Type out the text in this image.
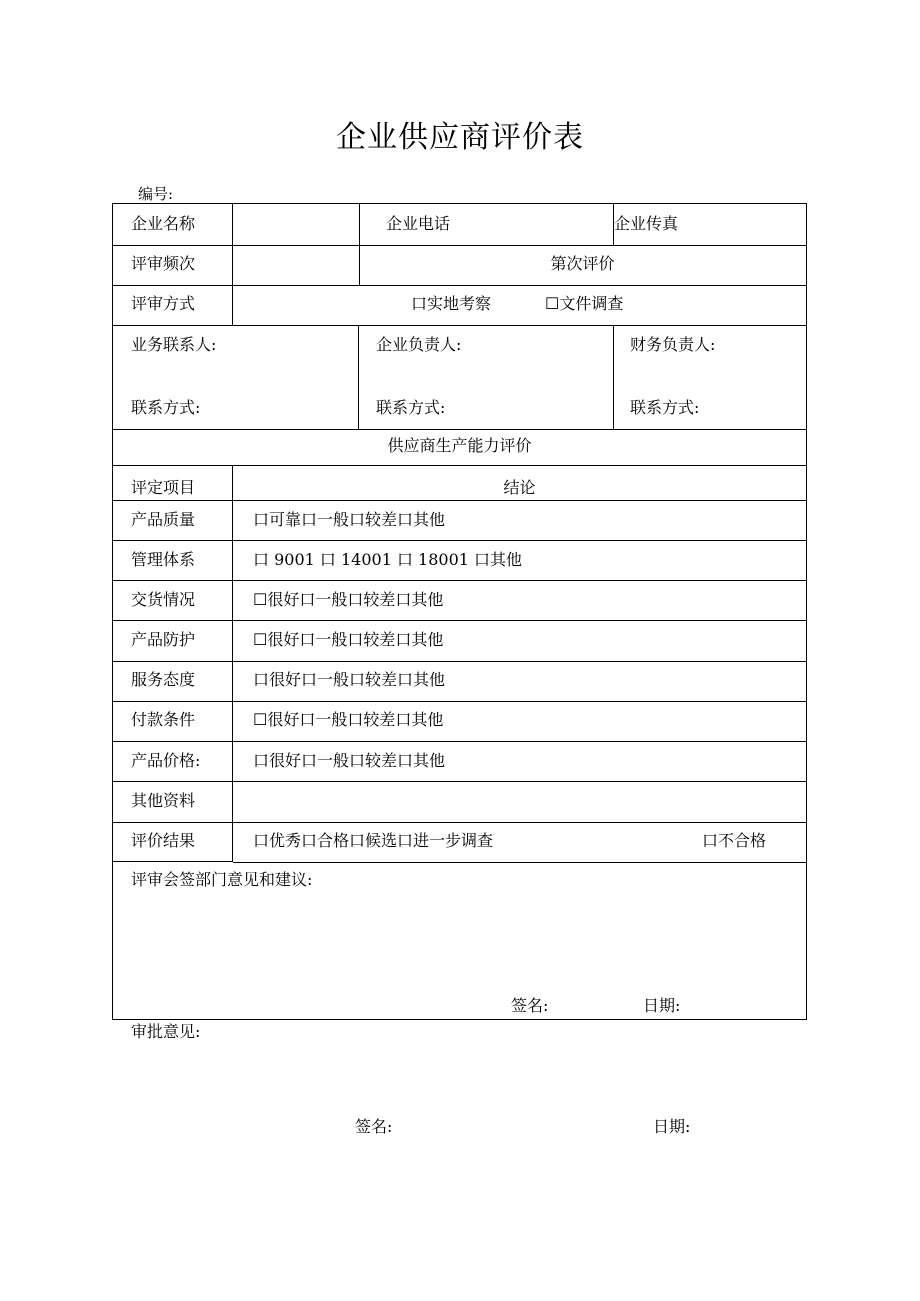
企业供应商评价表
编号:
企业名称	企业电话	企业传真
评审频次	第次评价
评审方式	口实地考察	☐文件调查
业务联系人:	企业负责人:	财务负责人:
联系方式:	联系方式:	联系方式:
供应商生产能力评价
评定项目	结论
产品质量	口可靠口一般口较差口其他
管理体系	口 9001 口 14001 口 18001 口其他
交货情况	☐很好口一般口较差口其他
产品防护	☐很好口一般口较差口其他
服务态度	口很好口一般口较差口其他
付款条件	☐很好口一般口较差口其他
产品价格:	口很好口一般口较差口其他
其他资料
评价结果	口优秀口合格口候选口进一步调查	口不合格
评审会签部门意见和建议:
签名:	日期:
审批意见:
签名:	日期:
